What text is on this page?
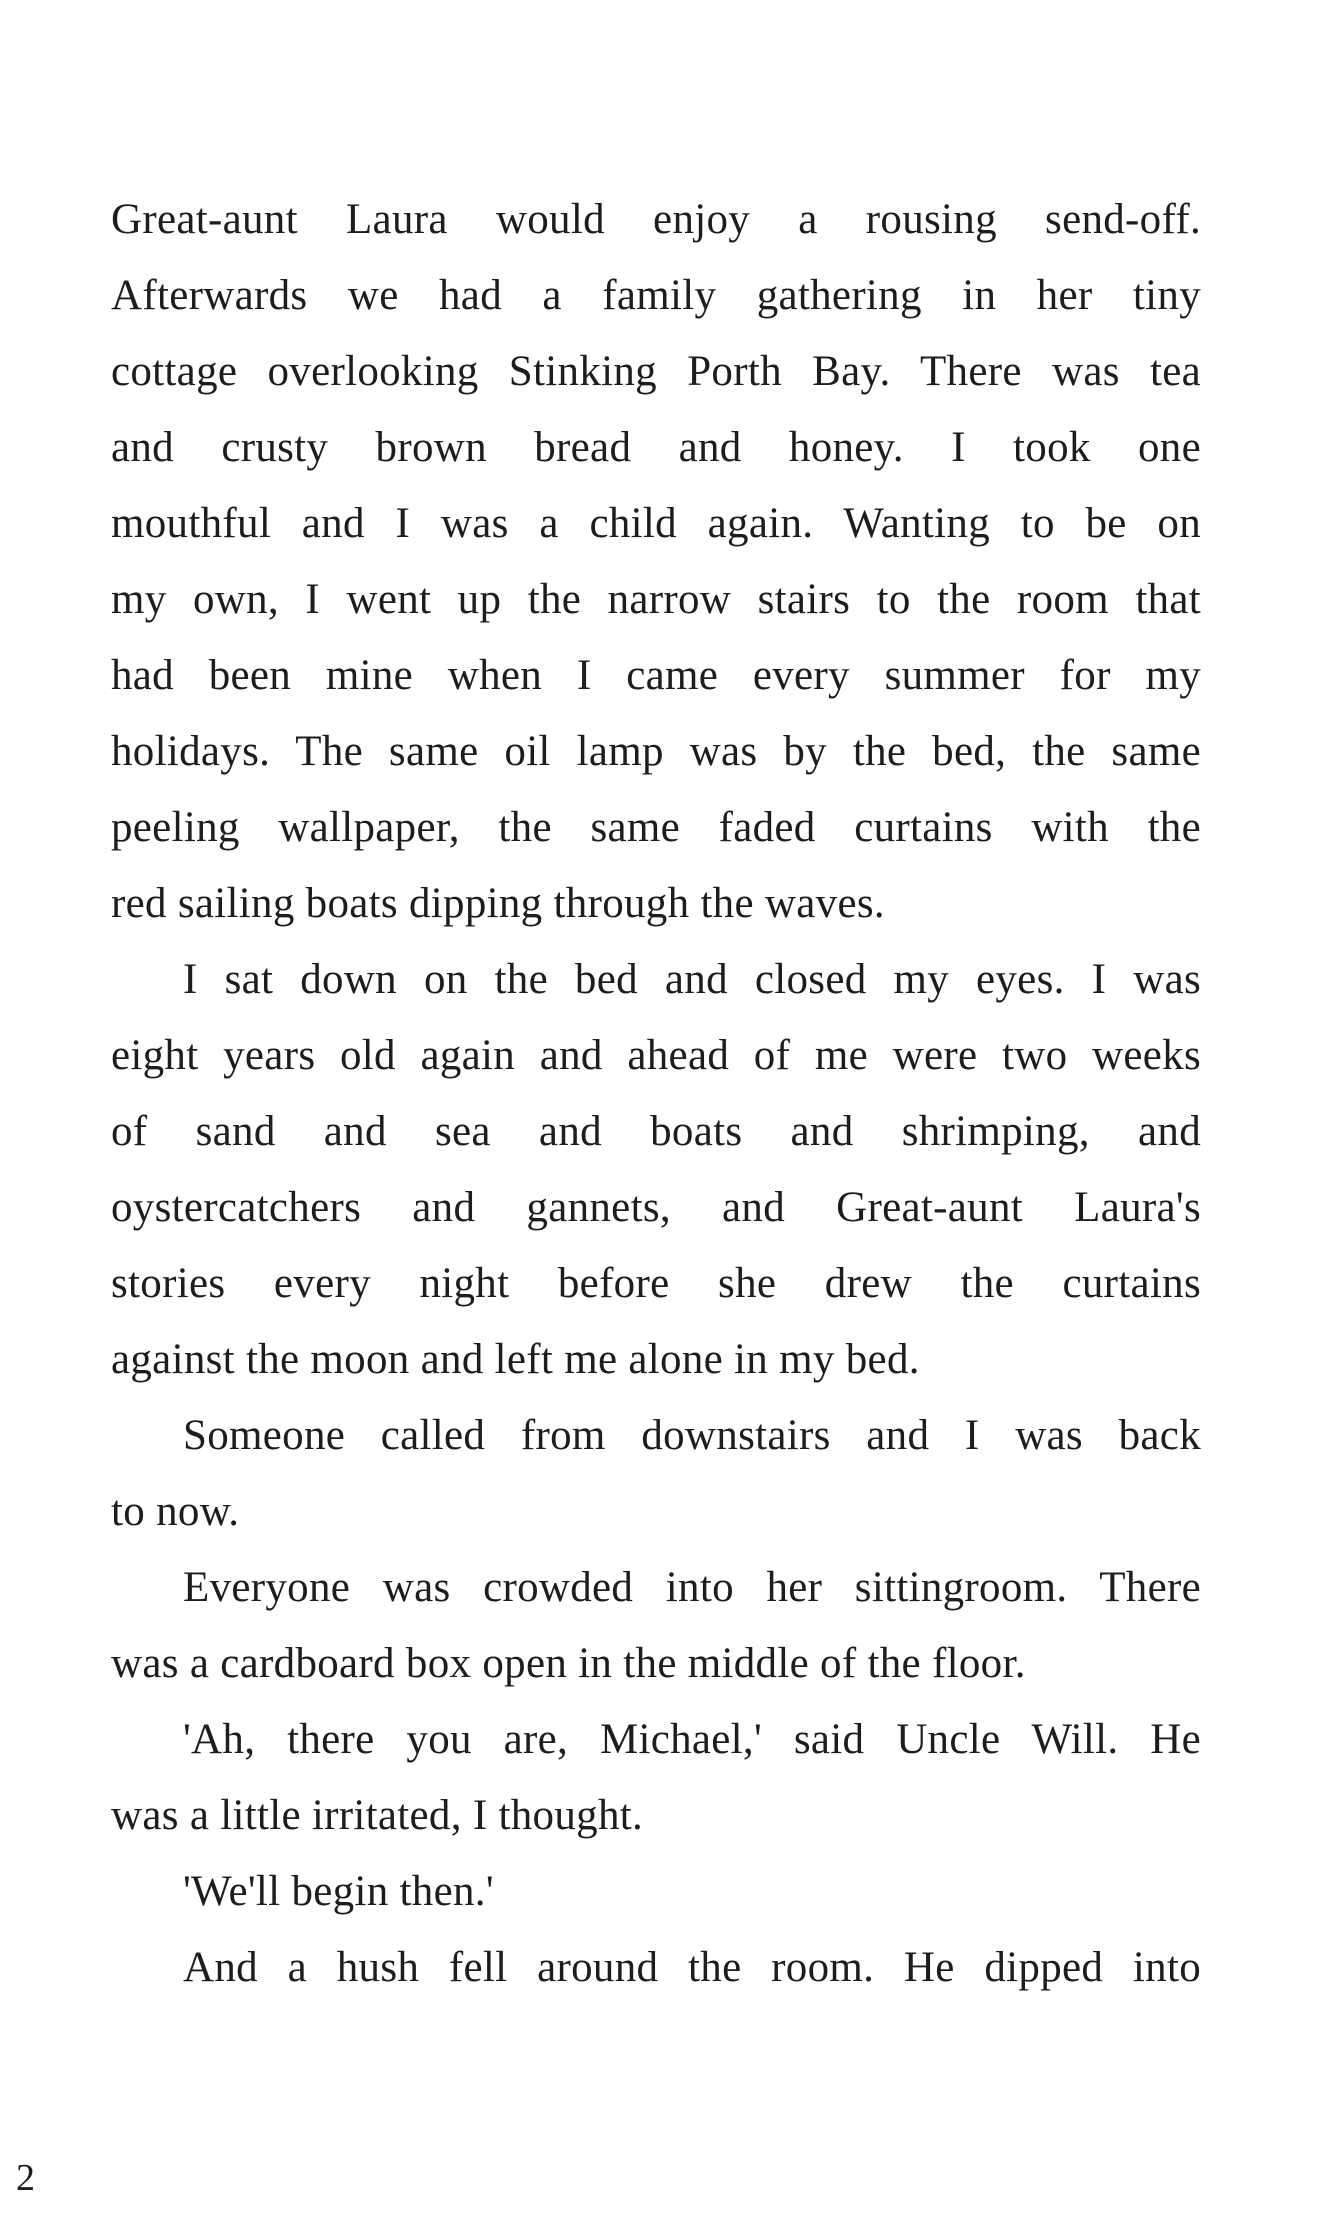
Great-aunt Laura would enjoy a rousing send-off.
Afterwards we had a family gathering in her tiny
cottage overlooking Stinking Porth Bay. There was tea
and crusty brown bread and honey. I took one
mouthful and I was a child again. Wanting to be on
my own, I went up the narrow stairs to the room that
had been mine when I came every summer for my
holidays. The same oil lamp was by the bed, the same
peeling wallpaper, the same faded curtains with the
red sailing boats dipping through the waves.
I sat down on the bed and closed my eyes. I was
eight years old again and ahead of me were two weeks
of sand and sea and boats and shrimping, and
oystercatchers and gannets, and Great-aunt Laura's
stories every night before she drew the curtains
against the moon and left me alone in my bed.
Someone called from downstairs and I was back
to now.
Everyone was crowded into her sittingroom. There
was a cardboard box open in the middle of the floor.
'Ah, there you are, Michael,' said Uncle Will. He
was a little irritated, I thought.
'We'll begin then.'
And a hush fell around the room. He dipped into
2
